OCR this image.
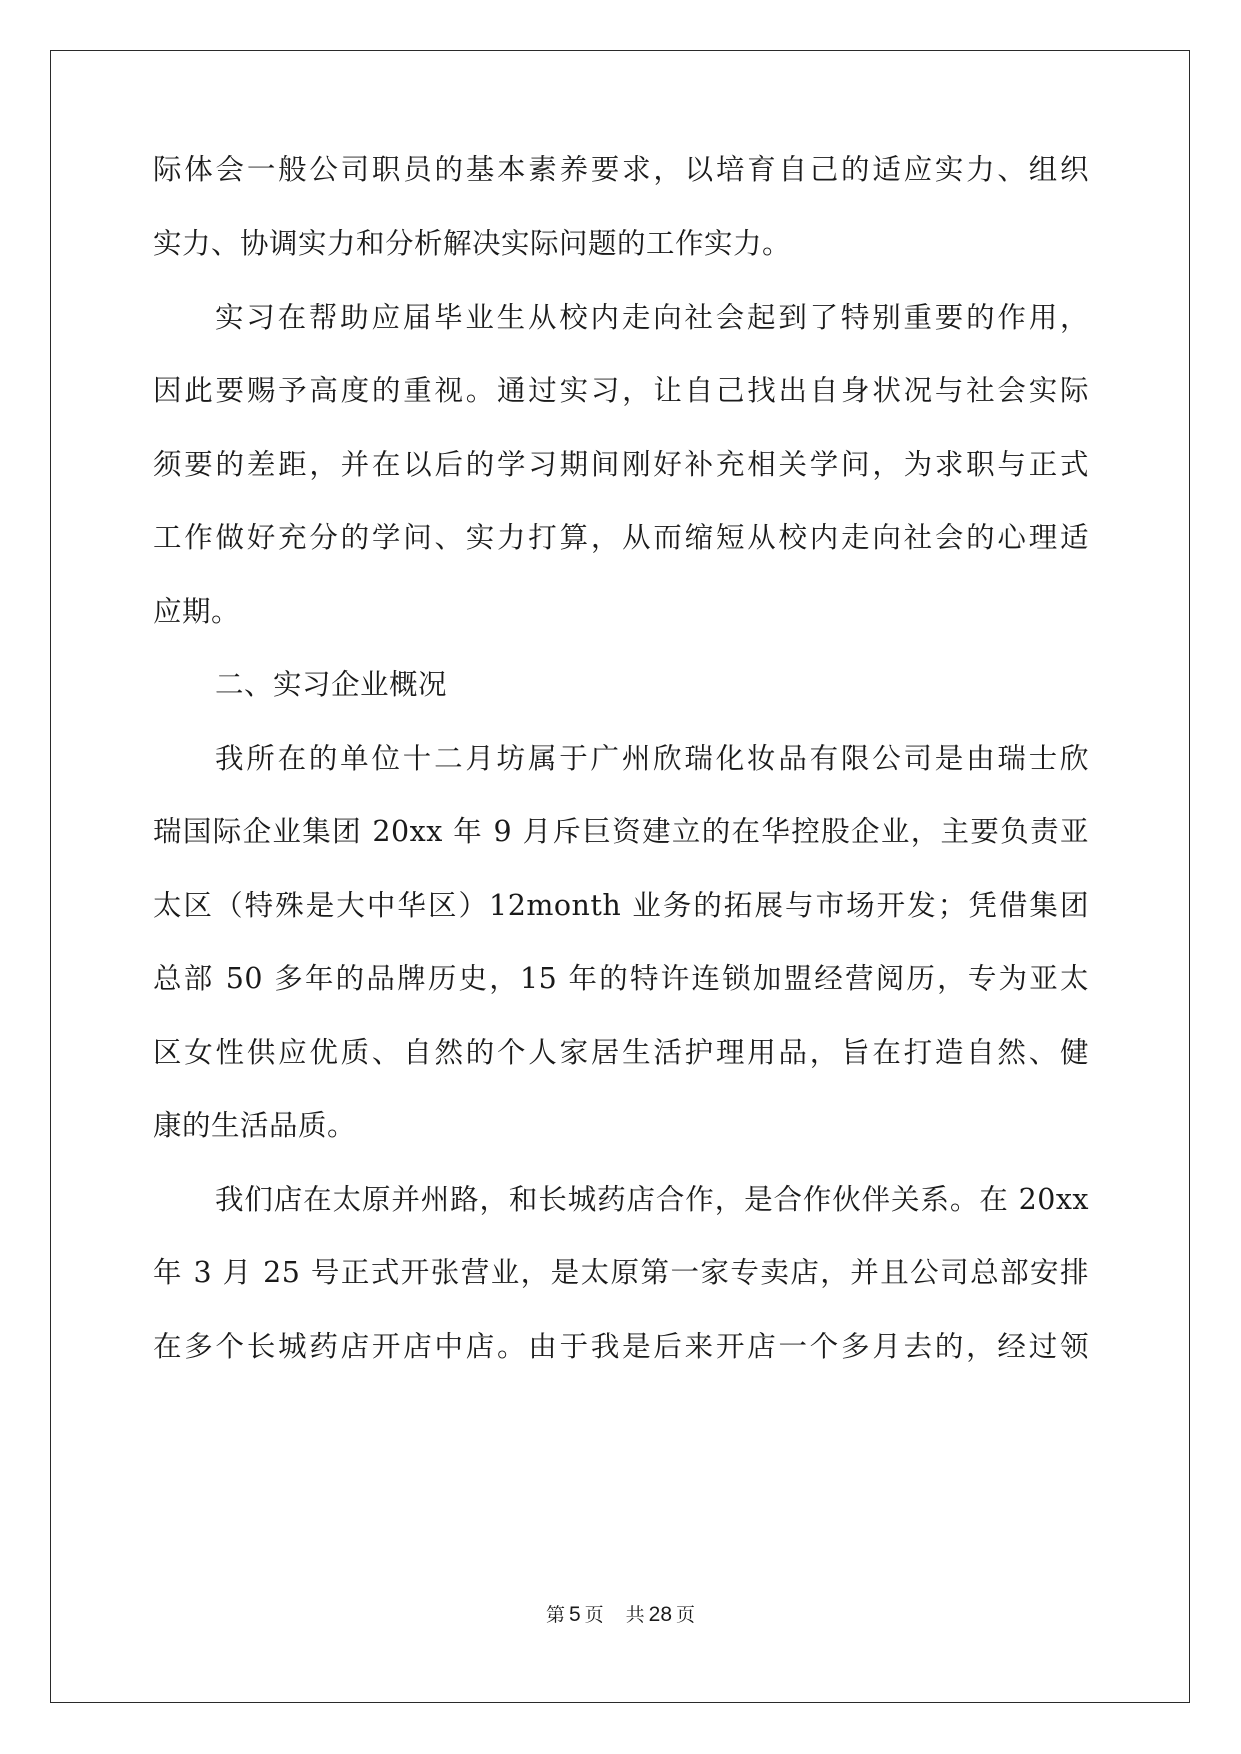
际体会一般公司职员的基本素养要求，以培育自己的适应实力、组织
实力、协调实力和分析解决实际问题的工作实力。
实习在帮助应届毕业生从校内走向社会起到了特别重要的作用，
因此要赐予高度的重视。通过实习，让自己找出自身状况与社会实际
须要的差距，并在以后的学习期间刚好补充相关学问，为求职与正式
工作做好充分的学问、实力打算，从而缩短从校内走向社会的心理适
应期。
二、实习企业概况
我所在的单位十二月坊属于广州欣瑞化妆品有限公司是由瑞士欣
瑞国际企业集团 20xx 年 9 月斥巨资建立的在华控股企业，主要负责亚
太区（特殊是大中华区）12month 业务的拓展与市场开发；凭借集团
总部 50 多年的品牌历史，15 年的特许连锁加盟经营阅历，专为亚太
区女性供应优质、自然的个人家居生活护理用品，旨在打造自然、健
康的生活品质。
我们店在太原并州路，和长城药店合作，是合作伙伴关系。在 20xx
年 3 月 25 号正式开张营业，是太原第一家专卖店，并且公司总部安排
在多个长城药店开店中店。由于我是后来开店一个多月去的，经过领
第 5 页 共 28 页
